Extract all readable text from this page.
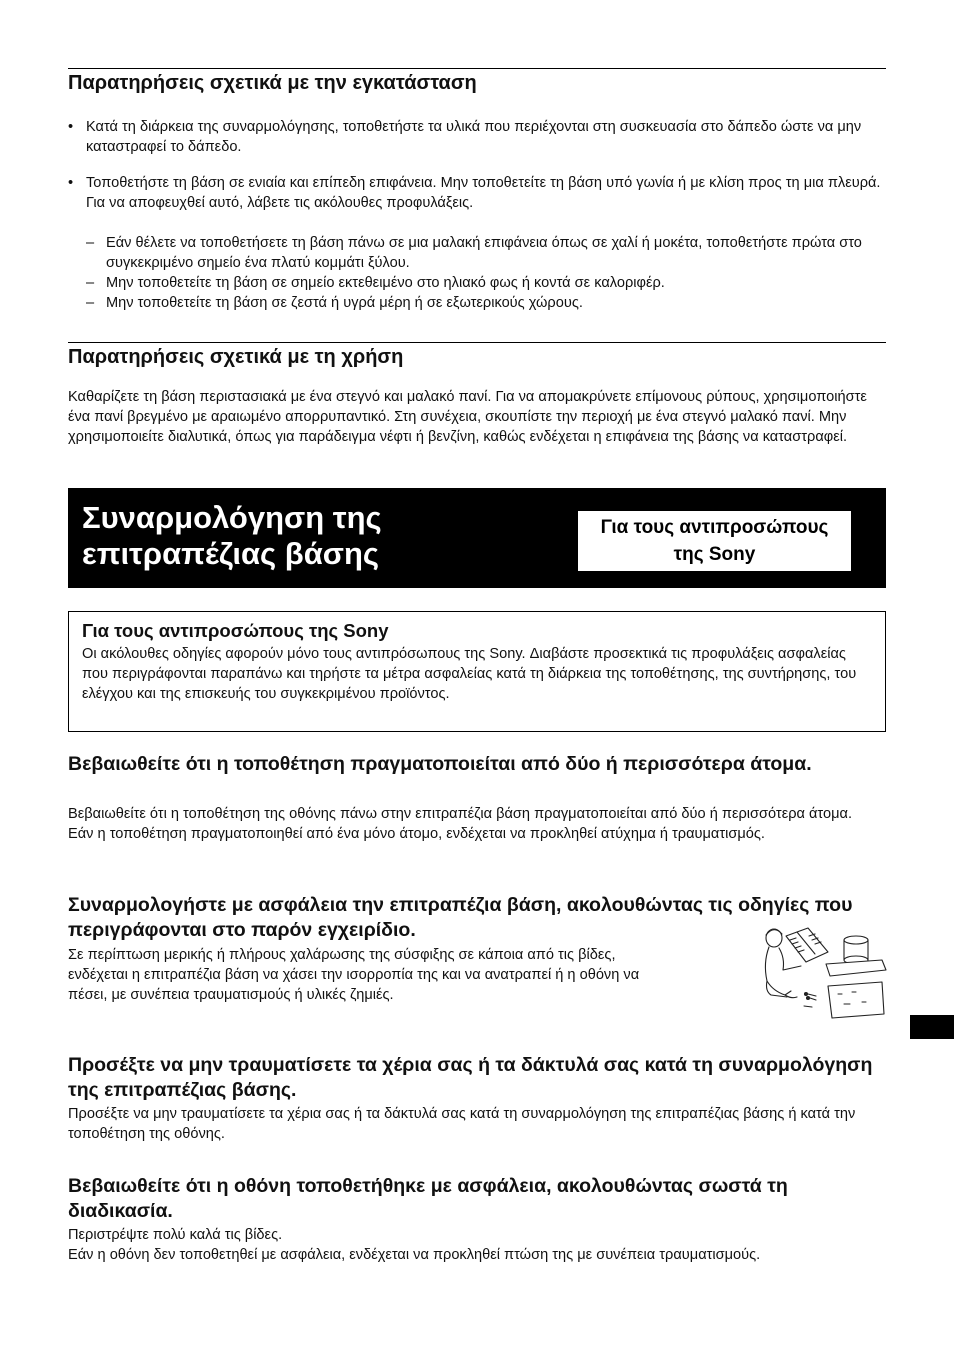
Παρατηρήσεις σχετικά με την εγκατάσταση
• Κατά τη διάρκεια της συναρμολόγησης, τοποθετήστε τα υλικά που περιέχονται στη συσκευασία στο δάπεδο ώστε να μην καταστραφεί το δάπεδο.
• Τοποθετήστε τη βάση σε ενιαία και επίπεδη επιφάνεια. Μην τοποθετείτε τη βάση υπό γωνία ή με κλίση προς τη μια πλευρά. Για να αποφευχθεί αυτό, λάβετε τις ακόλουθες προφυλάξεις.
– Εάν θέλετε να τοποθετήσετε τη βάση πάνω σε μια μαλακή επιφάνεια όπως σε χαλί ή μοκέτα, τοποθετήστε πρώτα στο συγκεκριμένο σημείο ένα πλατύ κομμάτι ξύλου.
– Μην τοποθετείτε τη βάση σε σημείο εκτεθειμένο στο ηλιακό φως ή κοντά σε καλοριφέρ.
– Μην τοποθετείτε τη βάση σε ζεστά ή υγρά μέρη ή σε εξωτερικούς χώρους.
Παρατηρήσεις σχετικά με τη χρήση

Καθαρίζετε τη βάση περιστασιακά με ένα στεγνό και μαλακό πανί. Για να απομακρύνετε επίμονους ρύπους, χρησιμοποιήστε ένα πανί βρεγμένο με αραιωμένο απορρυπαντικό. Στη συνέχεια, σκουπίστε την περιοχή με ένα στεγνό μαλακό πανί. Μην χρησιμοποιείτε διαλυτικά, όπως για παράδειγμα νέφτι ή βενζίνη, καθώς ενδέχεται η επιφάνεια της βάσης να καταστραφεί.

Συναρμολόγηση της
επιτραπέζιας βάσης
Για τους αντιπροσώπους
της Sony
Για τους αντιπροσώπους της Sony

Οι ακόλουθες οδηγίες αφορούν μόνο τους αντιπρόσωπους της Sony. Διαβάστε προσεκτικά τις προφυλάξεις ασφαλείας που περιγράφονται παραπάνω και τηρήστε τα μέτρα ασφαλείας κατά τη διάρκεια της τοποθέτησης, της συντήρησης, του ελέγχου και της επισκευής του συγκεκριμένου προϊόντος.

Βεβαιωθείτε ότι η τοποθέτηση πραγματοποιείται από δύο ή περισσότερα άτομα.

Βεβαιωθείτε ότι η τοποθέτηση της οθόνης πάνω στην επιτραπέζια βάση πραγματοποιείται από δύο ή περισσότερα άτομα. Εάν η τοποθέτηση πραγματοποιηθεί από ένα μόνο άτομο, ενδέχεται να προκληθεί ατύχημα ή τραυματισμός.

Συναρμολογήστε με ασφάλεια την επιτραπέζια βάση, ακολουθώντας τις οδηγίες που περιγράφονται στο παρόν εγχειρίδιο.

Σε περίπτωση μερικής ή πλήρους χαλάρωσης της σύσφιξης σε κάποια από τις βίδες, ενδέχεται η επιτραπέζια βάση να χάσει την ισορροπία της και να ανατραπεί ή η οθόνη να πέσει, με συνέπεια τραυματισμούς ή υλικές ζημιές.

Προσέξτε να μην τραυματίσετε τα χέρια σας ή τα δάκτυλά σας κατά τη συναρμολόγηση της επιτραπέζιας βάσης.

Προσέξτε να μην τραυματίσετε τα χέρια σας ή τα δάκτυλά σας κατά τη συναρμολόγηση της επιτραπέζιας βάσης ή κατά την τοποθέτηση της οθόνης.

Βεβαιωθείτε ότι η οθόνη τοποθετήθηκε με ασφάλεια, ακολουθώντας σωστά τη διαδικασία.
Περιστρέψτε πολύ καλά τις βίδες.
Εάν η οθόνη δεν τοποθετηθεί με ασφάλεια, ενδέχεται να προκληθεί πτώση της με συνέπεια τραυματισμούς.
